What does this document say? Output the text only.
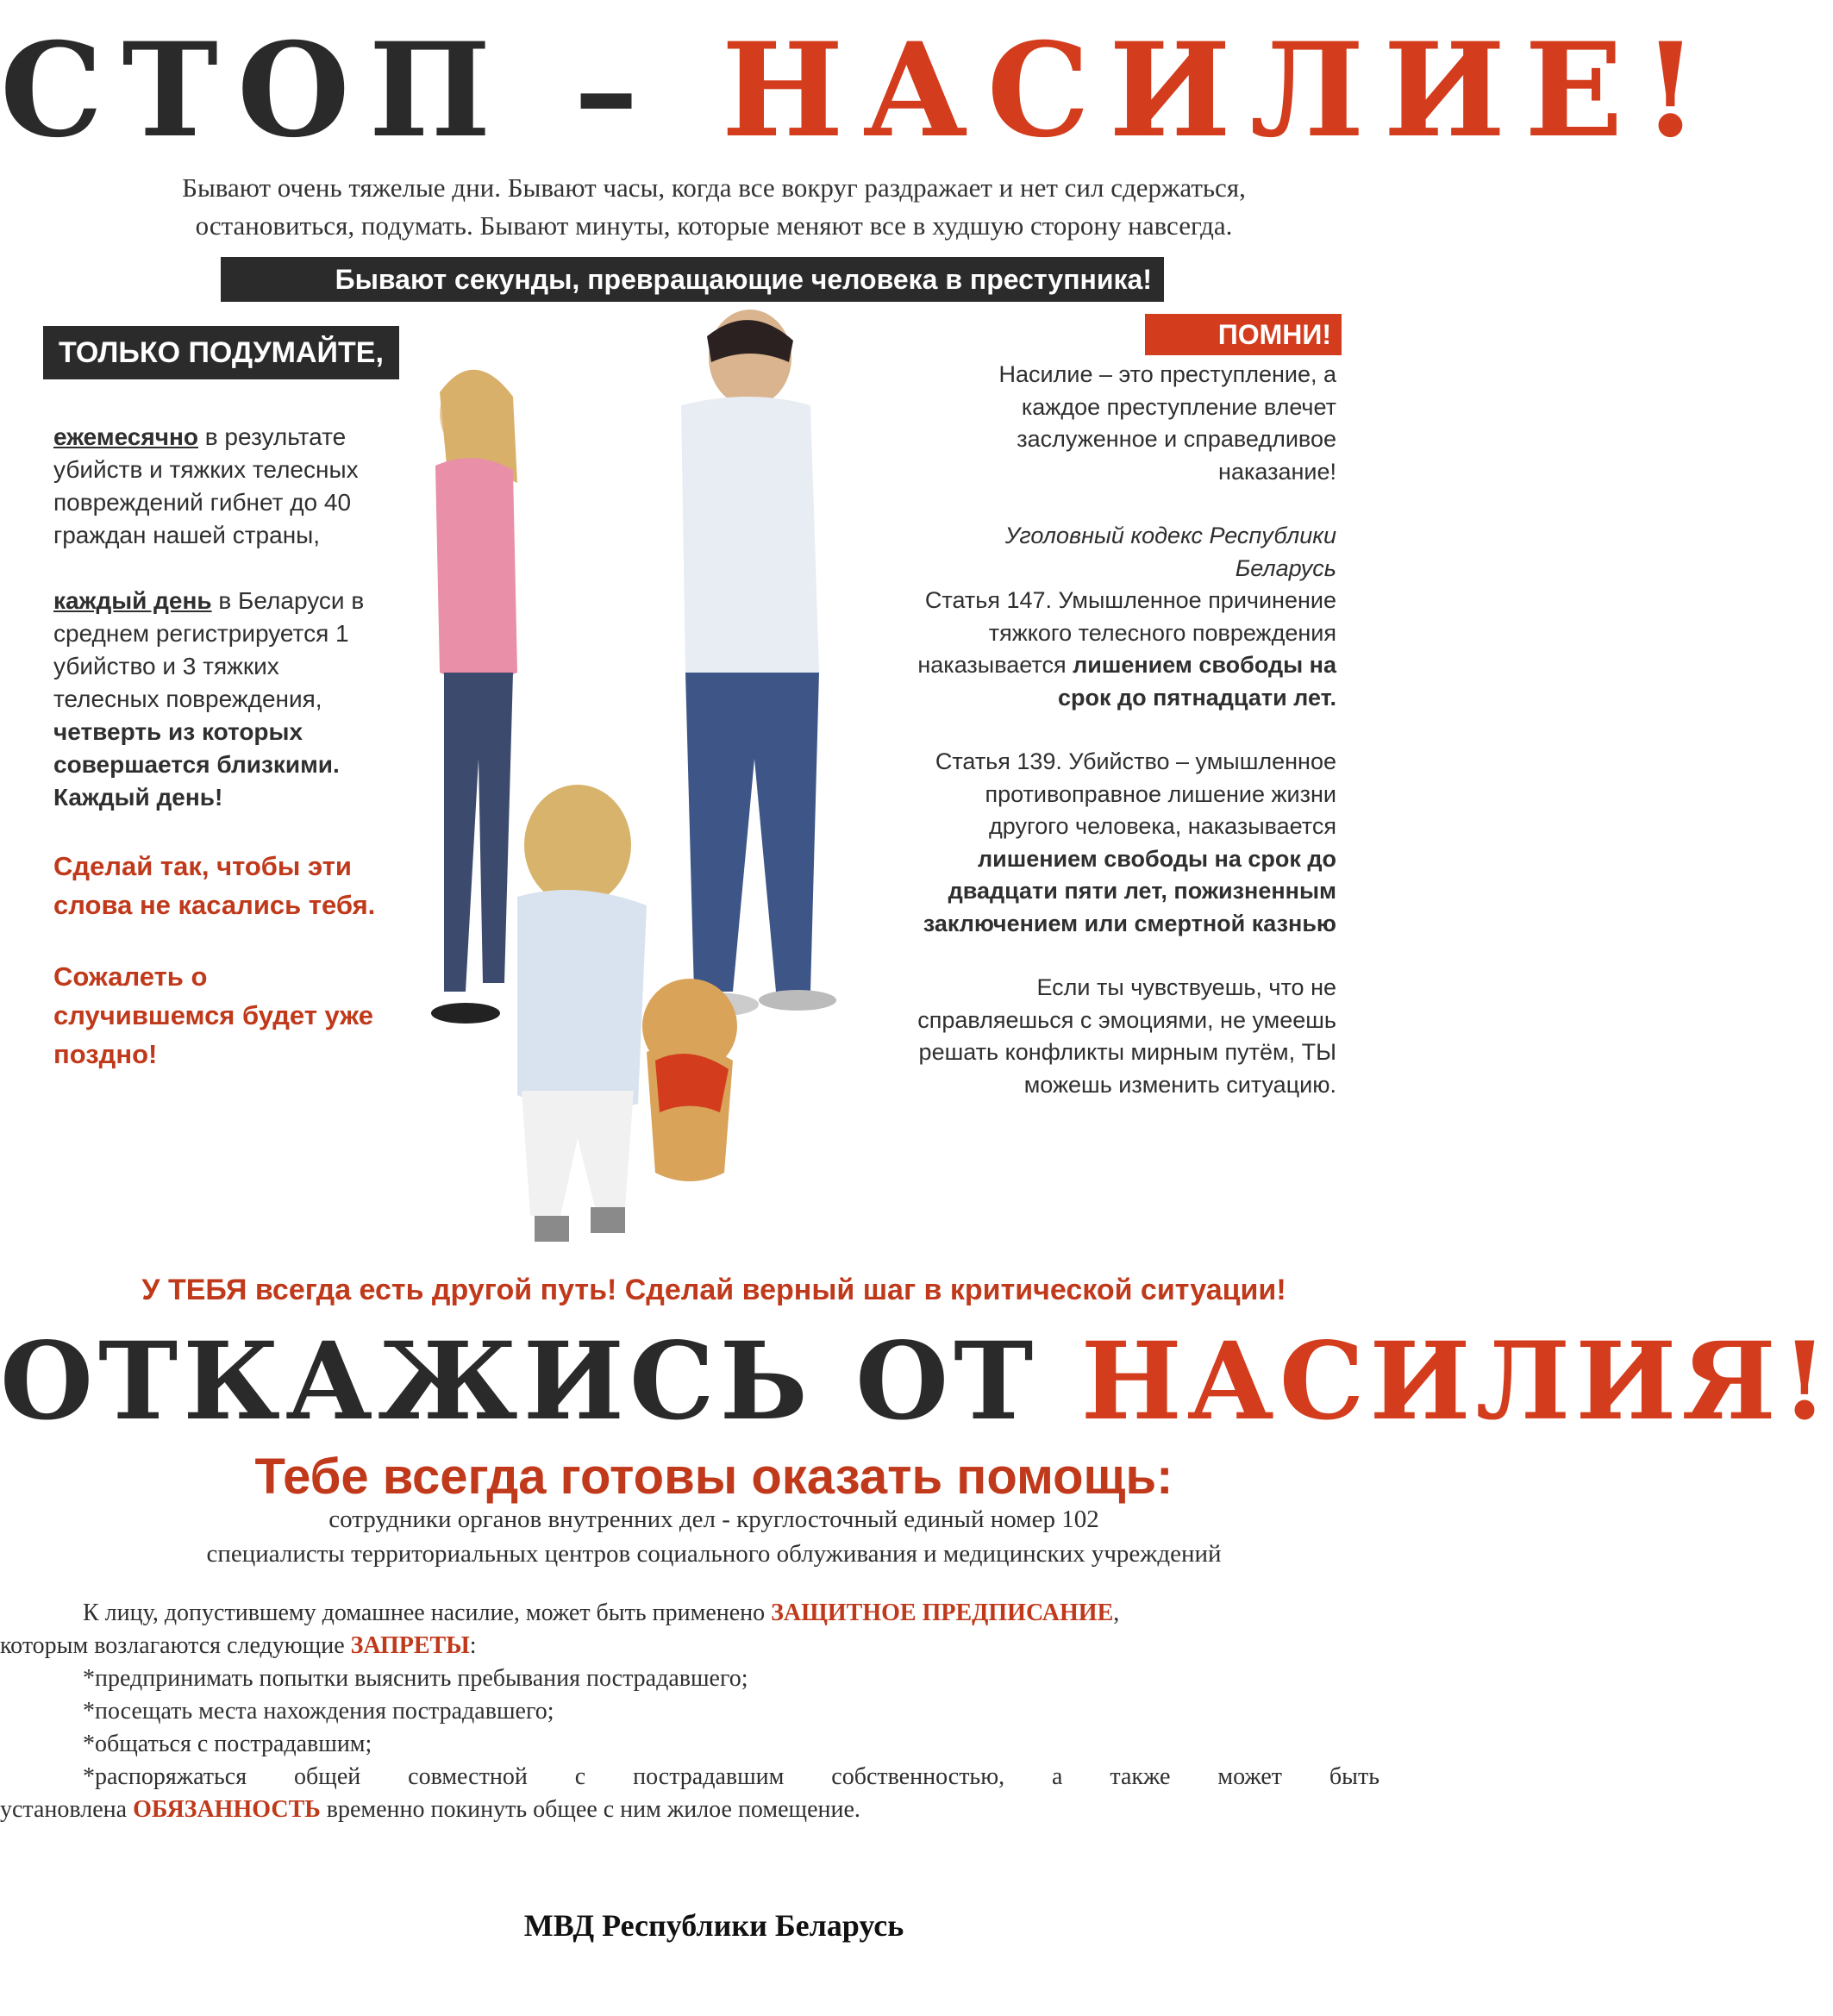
СТОП – НАСИЛИЕ!
Бывают очень тяжелые дни. Бывают часы, когда все вокруг раздражает и нет сил сдержаться,
остановиться, подумать. Бывают минуты, которые меняют все в худшую сторону навсегда.
Бывают секунды, превращающие человека в преступника!
ТОЛЬКО ПОДУМАЙТЕ,
ПОМНИ!

ежемесячно в результате убийств и тяжких телесных повреждений гибнет до 40 граждан нашей страны,

каждый день в Беларуси в среднем регистрируется 1 убийство и 3 тяжких телесных повреждения, четверть из которых совершается близкими. Каждый день!

Сделай так, чтобы эти слова не касались тебя.

Сожалеть о случившемся будет уже поздно!

Насилие – это преступление, а каждое преступление влечет заслуженное и справедливое наказание!

Уголовный кодекс Республики Беларусь

Статья 147. Умышленное причинение тяжкого телесного повреждения наказывается лишением свободы на срок до пятнадцати лет.

Статья 139. Убийство – умышленное противоправное лишение жизни другого человека, наказывается лишением свободы на срок до двадцати пяти лет, пожизненным заключением или смертной казнью

Если ты чувствуешь, что не справляешься с эмоциями, не умеешь решать конфликты мирным путём, ТЫ можешь изменить ситуацию.

У ТЕБЯ всегда есть другой путь! Сделай верный шаг в критической ситуации!
ОТКАЖИСЬ ОТ НАСИЛИЯ!
Тебе всегда готовы оказать помощь:
сотрудники органов внутренних дел - круглосточный единый номер 102
специалисты территориальных центров социального облуживания и медицинских учреждений

К лицу, допустившему домашнее насилие, может быть применено ЗАЩИТНОЕ ПРЕДПИСАНИЕ,

которым возлагаются следующие ЗАПРЕТЫ:

*предпринимать попытки выяснить пребывания пострадавшего;

*посещать места нахождения пострадавшего;

*общаться с пострадавшим;

*распоряжаться общей совместной с пострадавшим собственностью, а также может быть

установлена ОБЯЗАННОСТЬ временно покинуть общее с ним жилое помещение.

МВД Республики Беларусь
